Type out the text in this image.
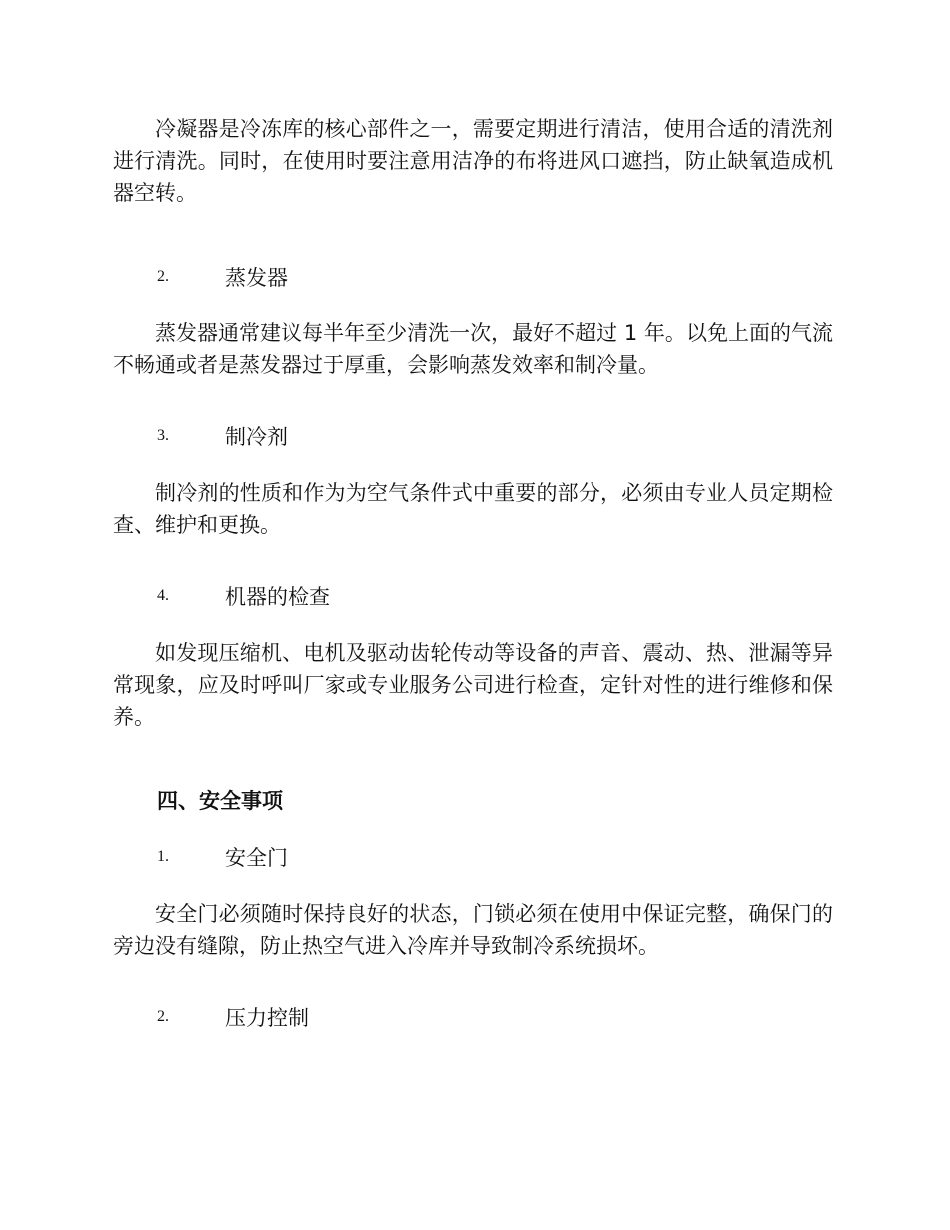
冷凝器是冷冻库的核心部件之一，需要定期进行清洁，使用合适的清洗剂进行清洗。同时，在使用时要注意用洁净的布将进风口遮挡，防止缺氧造成机器空转。

2.	蒸发器

蒸发器通常建议每半年至少清洗一次，最好不超过 1 年。以免上面的气流不畅通或者是蒸发器过于厚重，会影响蒸发效率和制冷量。

3.	制冷剂

制冷剂的性质和作为为空气条件式中重要的部分，必须由专业人员定期检查、维护和更换。

4.	机器的检查

如发现压缩机、电机及驱动齿轮传动等设备的声音、震动、热、泄漏等异常现象，应及时呼叫厂家或专业服务公司进行检查，定针对性的进行维修和保养。

四、安全事项
1.	安全门

安全门必须随时保持良好的状态，门锁必须在使用中保证完整，确保门的旁边没有缝隙，防止热空气进入冷库并导致制冷系统损坏。

2.	压力控制
